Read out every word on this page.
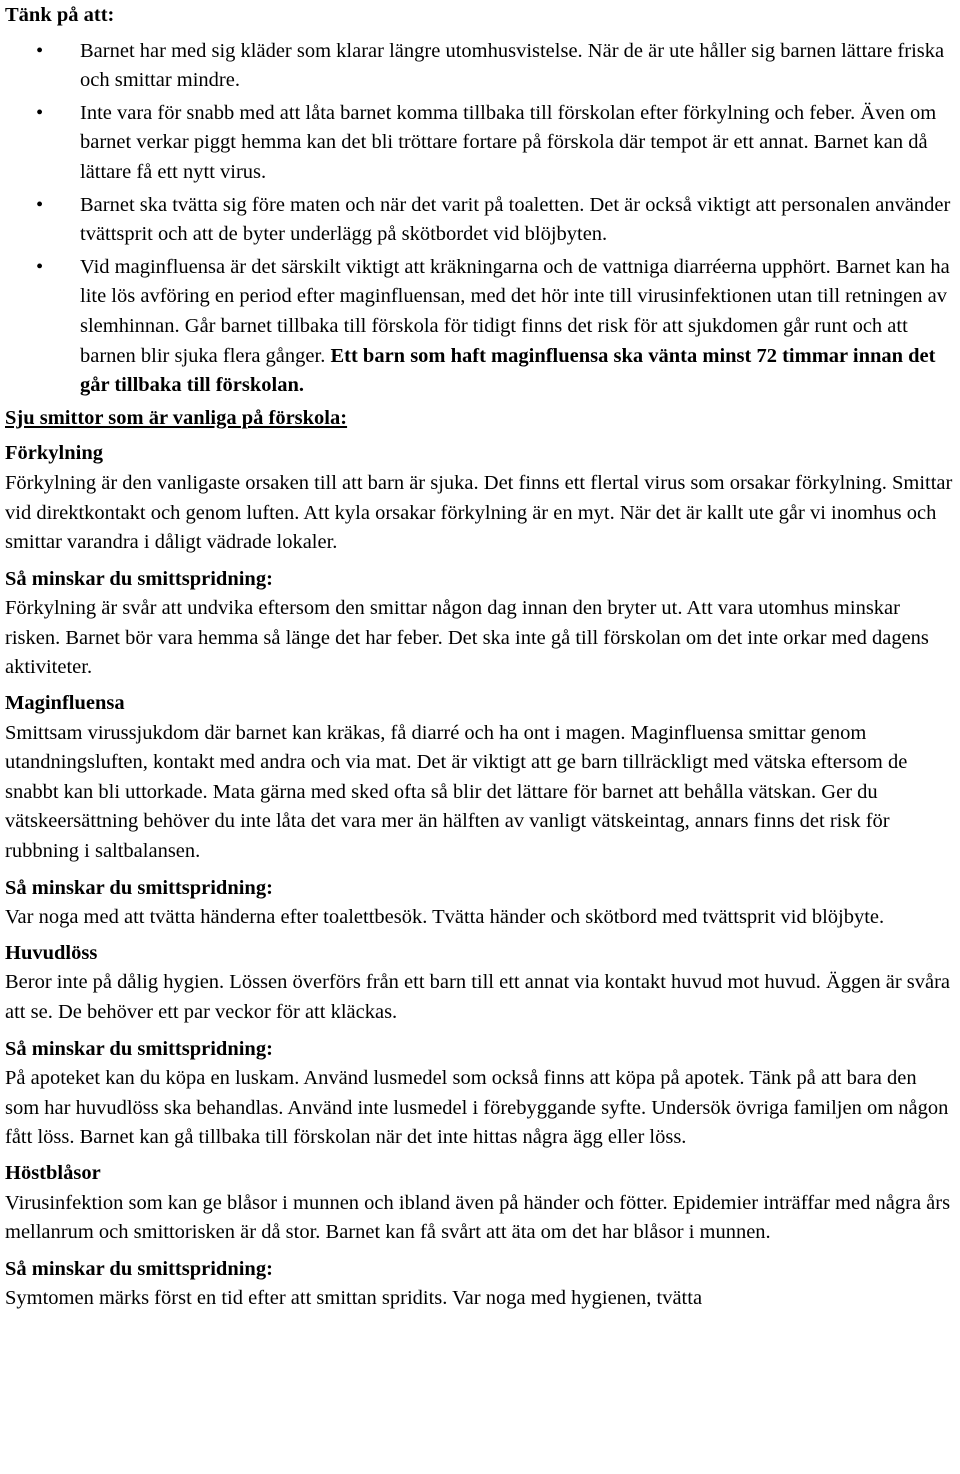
Tänk på att:

• Barnet har med sig kläder som klarar längre utomhusvistelse. När de är ute håller sig barnen lättare friska och smittar mindre.
• Inte vara för snabb med att låta barnet komma tillbaka till förskolan efter förkylning och feber. Även om barnet verkar piggt hemma kan det bli tröttare fortare på förskola där tempot är ett annat. Barnet kan då lättare få ett nytt virus.
• Barnet ska tvätta sig före maten och när det varit på toaletten. Det är också viktigt att personalen använder tvättsprit och att de byter underlägg på skötbordet vid blöjbyten.
• Vid maginfluensa är det särskilt viktigt att kräkningarna och de vattniga diarréerna upphört. Barnet kan ha lite lös avföring en period efter maginfluensan, med det hör inte till virusinfektionen utan till retningen av slemhinnan. Går barnet tillbaka till förskola för tidigt finns det risk för att sjukdomen går runt och att barnen blir sjuka flera gånger. Ett barn som haft maginfluensa ska vänta minst 72 timmar innan det går tillbaka till förskolan.

Sju smittor som är vanliga på förskola:

Förkylning

Förkylning är den vanligaste orsaken till att barn är sjuka. Det finns ett flertal virus som orsakar förkylning. Smittar vid direktkontakt och genom luften. Att kyla orsakar förkylning är en myt. När det är kallt ute går vi inomhus och smittar varandra i dåligt vädrade lokaler.

Så minskar du smittspridning:

Förkylning är svår att undvika eftersom den smittar någon dag innan den bryter ut. Att vara utomhus minskar risken. Barnet bör vara hemma så länge det har feber. Det ska inte gå till förskolan om det inte orkar med dagens aktiviteter.

Maginfluensa

Smittsam virussjukdom där barnet kan kräkas, få diarré och ha ont i magen. Maginfluensa smittar genom utandningsluften, kontakt med andra och via mat. Det är viktigt att ge barn tillräckligt med vätska eftersom de snabbt kan bli uttorkade. Mata gärna med sked ofta så blir det lättare för barnet att behålla vätskan. Ger du vätskeersättning behöver du inte låta det vara mer än hälften av vanligt vätskeintag, annars finns det risk för rubbning i saltbalansen.

Så minskar du smittspridning:

Var noga med att tvätta händerna efter toalettbesök. Tvätta händer och skötbord med tvättsprit vid blöjbyte.

Huvudlöss

Beror inte på dålig hygien. Lössen överförs från ett barn till ett annat via kontakt huvud mot huvud. Äggen är svåra att se. De behöver ett par veckor för att kläckas.

Så minskar du smittspridning:

På apoteket kan du köpa en luskam. Använd lusmedel som också finns att köpa på apotek. Tänk på att bara den som har huvudlöss ska behandlas. Använd inte lusmedel i förebyggande syfte. Undersök övriga familjen om någon fått löss. Barnet kan gå tillbaka till förskolan när det inte hittas några ägg eller löss.

Höstblåsor

Virusinfektion som kan ge blåsor i munnen och ibland även på händer och fötter. Epidemier inträffar med några års mellanrum och smittorisken är då stor. Barnet kan få svårt att äta om det har blåsor i munnen.

Så minskar du smittspridning:

Symtomen märks först en tid efter att smittan spridits. Var noga med hygienen, tvätta
